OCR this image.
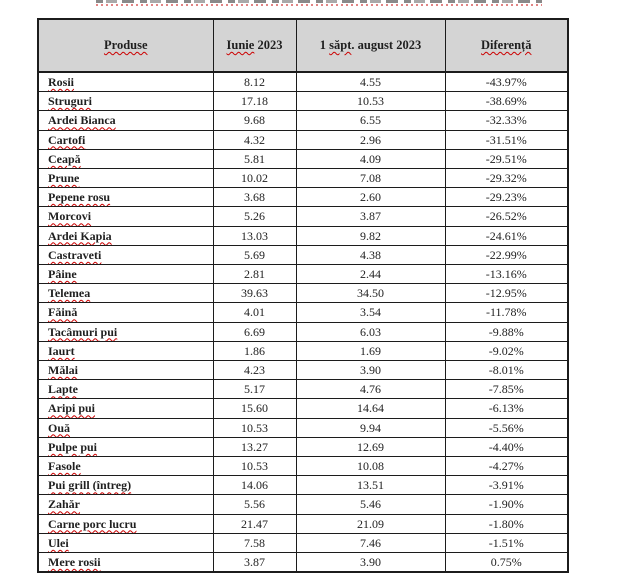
Produse	Iunie 2023	1 săpt. august 2023	Diferență
Rosii	8.12	4.55	-43.97%
Struguri	17.18	10.53	-38.69%
Ardei Bianca	9.68	6.55	-32.33%
Cartofi	4.32	2.96	-31.51%
Ceapă	5.81	4.09	-29.51%
Prune	10.02	7.08	-29.32%
Pepene rosu	3.68	2.60	-29.23%
Morcovi	5.26	3.87	-26.52%
Ardei Kapia	13.03	9.82	-24.61%
Castraveti	5.69	4.38	-22.99%
Pâine	2.81	2.44	-13.16%
Telemea	39.63	34.50	-12.95%
Făină	4.01	3.54	-11.78%
Tacâmuri pui	6.69	6.03	-9.88%
Iaurt	1.86	1.69	-9.02%
Mălai	4.23	3.90	-8.01%
Lapte	5.17	4.76	-7.85%
Aripi pui	15.60	14.64	-6.13%
Ouă	10.53	9.94	-5.56%
Pulpe pui	13.27	12.69	-4.40%
Fasole	10.53	10.08	-4.27%
Pui grill (întreg)	14.06	13.51	-3.91%
Zahăr	5.56	5.46	-1.90%
Carne porc lucru	21.47	21.09	-1.80%
Ulei	7.58	7.46	-1.51%
Mere rosii	3.87	3.90	0.75%
